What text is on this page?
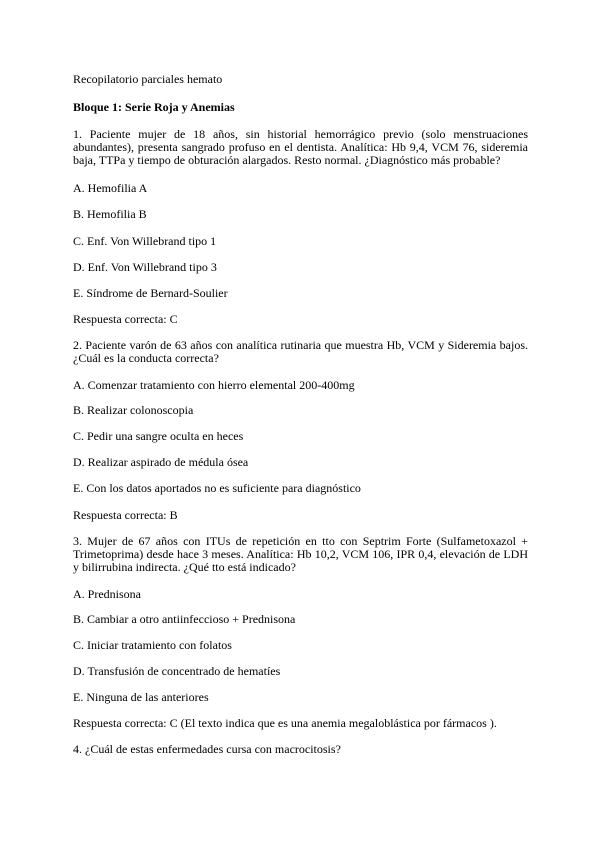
Recopilatorio parciales hemato
Bloque 1: Serie Roja y Anemias
1. Paciente mujer de 18 años, sin historial hemorrágico previo (solo menstruaciones abundantes), presenta sangrado profuso en el dentista. Analítica: Hb 9,4, VCM 76, sideremia baja, TTPa y tiempo de obturación alargados. Resto normal. ¿Diagnóstico más probable?
A. Hemofilia A
B. Hemofilia B
C. Enf. Von Willebrand tipo 1
D. Enf. Von Willebrand tipo 3
E. Síndrome de Bernard-Soulier
Respuesta correcta: C
2. Paciente varón de 63 años con analítica rutinaria que muestra Hb, VCM y Sideremia bajos. ¿Cuál es la conducta correcta?
A. Comenzar tratamiento con hierro elemental 200-400mg
B. Realizar colonoscopia
C. Pedir una sangre oculta en heces
D. Realizar aspirado de médula ósea
E. Con los datos aportados no es suficiente para diagnóstico
Respuesta correcta: B
3. Mujer de 67 años con ITUs de repetición en tto con Septrim Forte (Sulfametoxazol + Trimetoprima) desde hace 3 meses. Analítica: Hb 10,2, VCM 106, IPR 0,4, elevación de LDH y bilirrubina indirecta. ¿Qué tto está indicado?
A. Prednisona
B. Cambiar a otro antiinfeccioso + Prednisona
C. Iniciar tratamiento con folatos
D. Transfusión de concentrado de hematíes
E. Ninguna de las anteriores
Respuesta correcta: C (El texto indica que es una anemia megaloblástica por fármacos ).
4. ¿Cuál de estas enfermedades cursa con macrocitosis?
